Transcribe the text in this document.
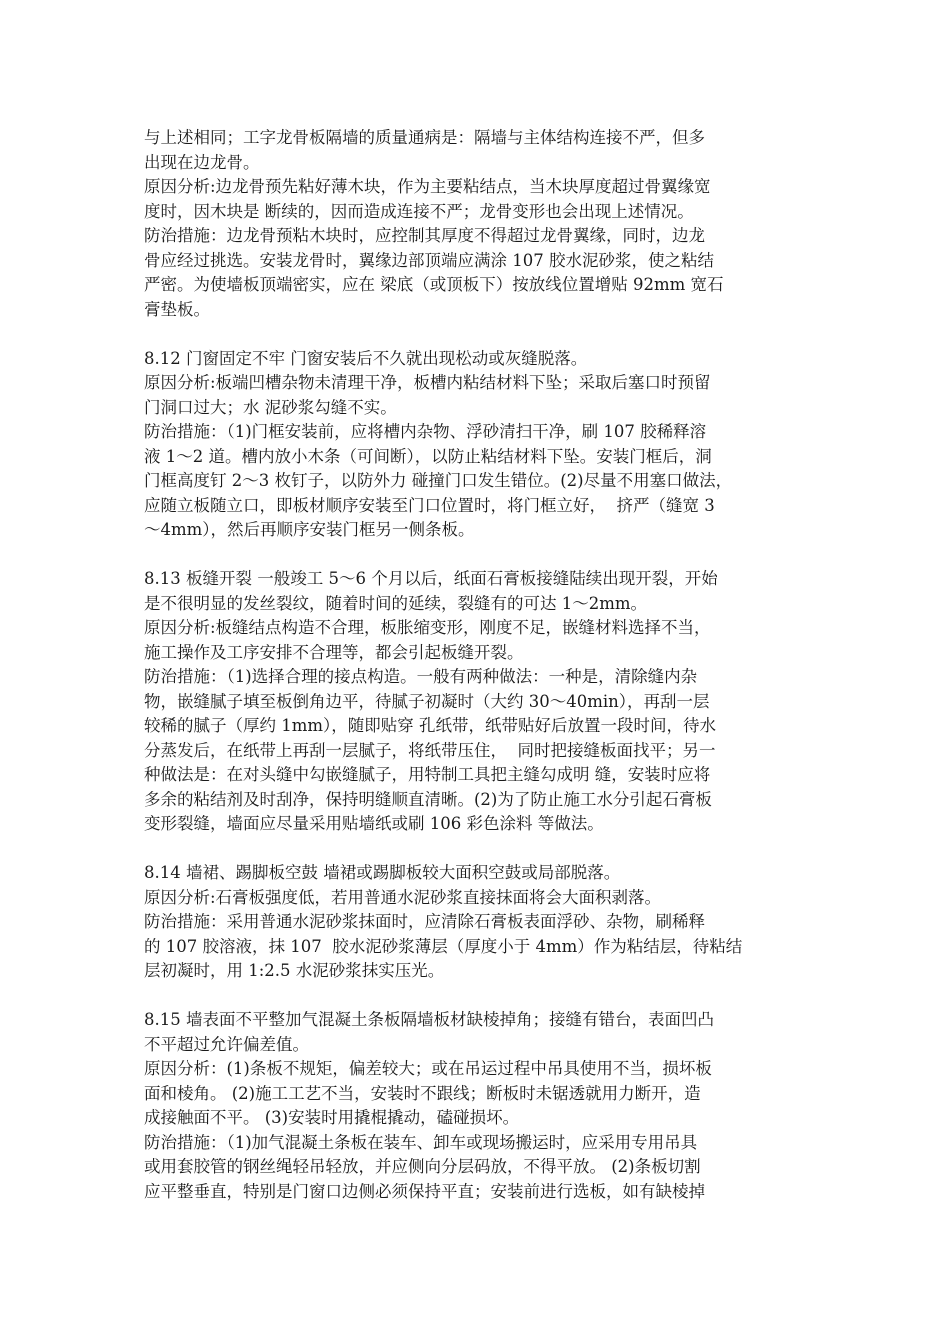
与上述相同；工字龙骨板隔墙的质量通病是：隔墙与主体结构连接不严，但多
出现在边龙骨。
原因分析:边龙骨预先粘好薄木块，作为主要粘结点，当木块厚度超过骨翼缘宽
度时，因木块是 断续的，因而造成连接不严；龙骨变形也会出现上述情况。
防治措施：边龙骨预粘木块时，应控制其厚度不得超过龙骨翼缘，同时，边龙
骨应经过挑选。安装龙骨时，翼缘边部顶端应满涂 107 胶水泥砂浆，使之粘结
严密。为使墙板顶端密实，应在 梁底（或顶板下）按放线位置增贴 92mm 宽石
膏垫板。
8.12 门窗固定不牢 门窗安装后不久就出现松动或灰缝脱落。
原因分析:板端凹槽杂物未清理干净，板槽内粘结材料下坠；采取后塞口时预留
门洞口过大；水 泥砂浆勾缝不实。
防治措施：（1)门框安装前，应将槽内杂物、浮砂清扫干净，刷 107 胶稀释溶
液 1～2 道。槽内放小木条（可间断），以防止粘结材料下坠。安装门框后，洞
门框高度钉 2～3 枚钉子，以防外力 碰撞门口发生错位。(2)尽量不用塞口做法，
应随立板随立口，即板材顺序安装至门口位置时，将门框立好，  挤严（缝宽 3
～4mm），然后再顺序安装门框另一侧条板。
8.13 板缝开裂 一般竣工 5～6 个月以后，纸面石膏板接缝陆续出现开裂，开始
是不很明显的发丝裂纹，随着时间的延续，裂缝有的可达 1～2mm。
原因分析:板缝结点构造不合理，板胀缩变形，刚度不足，嵌缝材料选择不当，
施工操作及工序安排不合理等，都会引起板缝开裂。
防治措施：（1)选择合理的接点构造。一般有两种做法：一种是，清除缝内杂
物，嵌缝腻子填至板倒角边平，待腻子初凝时（大约 30～40min），再刮一层
较稀的腻子（厚约 1mm），随即贴穿 孔纸带，纸带贴好后放置一段时间，待水
分蒸发后，在纸带上再刮一层腻子，将纸带压住，  同时把接缝板面找平；另一
种做法是：在对头缝中勾嵌缝腻子，用特制工具把主缝勾成明 缝，安装时应将
多余的粘结剂及时刮净，保持明缝顺直清晰。(2)为了防止施工水分引起石膏板
变形裂缝，墙面应尽量采用贴墙纸或刷 106 彩色涂料 等做法。
8.14 墙裙、踢脚板空鼓 墙裙或踢脚板较大面积空鼓或局部脱落。
原因分析:石膏板强度低，若用普通水泥砂浆直接抹面将会大面积剥落。
防治措施：采用普通水泥砂浆抹面时，应清除石膏板表面浮砂、杂物，刷稀释
的 107 胶溶液，抹 107  胶水泥砂浆薄层（厚度小于 4mm）作为粘结层，待粘结
层初凝时，用 1:2.5 水泥砂浆抹实压光。
8.15 墙表面不平整加气混凝土条板隔墙板材缺棱掉角；接缝有错台，表面凹凸
不平超过允许偏差值。
原因分析：(1)条板不规矩，偏差较大；或在吊运过程中吊具使用不当，损坏板
面和棱角。 (2)施工工艺不当，安装时不跟线；断板时未锯透就用力断开，造
成接触面不平。 (3)安装时用撬棍撬动，磕碰损坏。
防治措施：（1)加气混凝土条板在装车、卸车或现场搬运时，应采用专用吊具
或用套胶管的钢丝绳轻吊轻放，并应侧向分层码放，不得平放。 (2)条板切割
应平整垂直，特别是门窗口边侧必须保持平直；安装前进行选板，如有缺棱掉
